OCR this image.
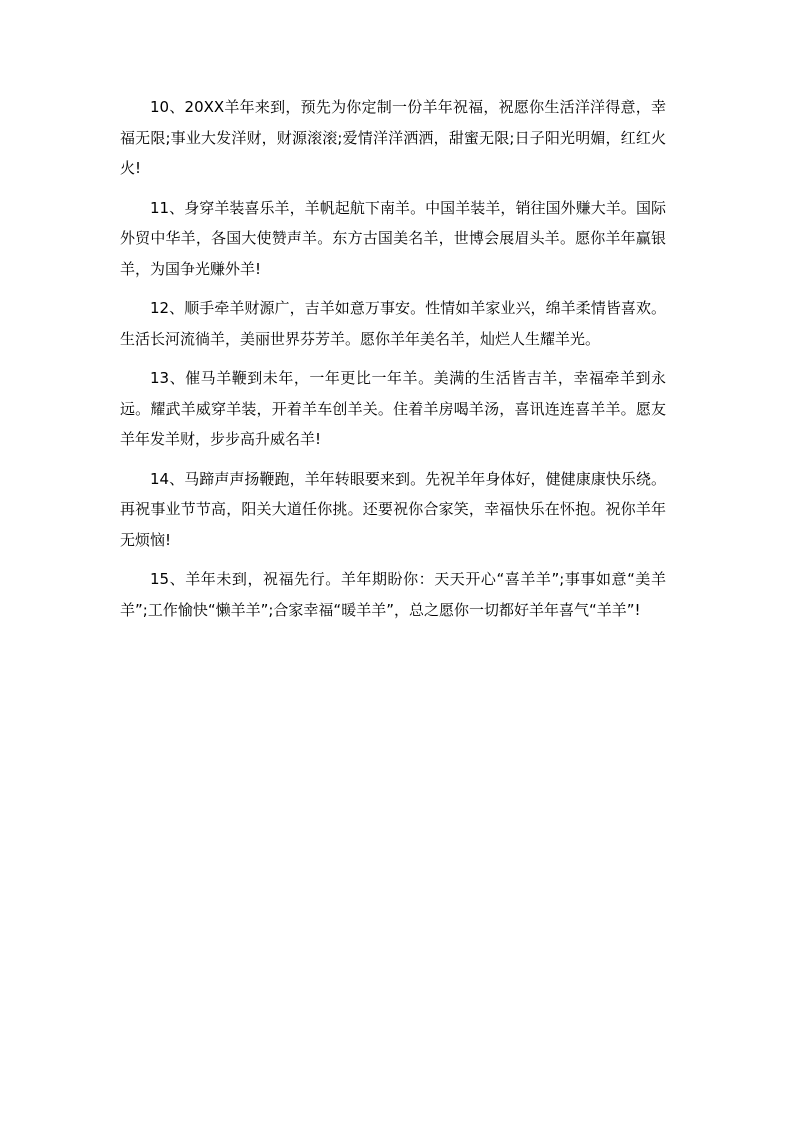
10、20XX羊年来到，预先为你定制一份羊年祝福，祝愿你生活洋洋得意，幸福无限;事业大发洋财，财源滚滚;爱情洋洋洒洒，甜蜜无限;日子阳光明媚，红红火火!

11、身穿羊装喜乐羊，羊帆起航下南羊。中国羊装羊，销往国外赚大羊。国际外贸中华羊，各国大使赞声羊。东方古国美名羊，世博会展眉头羊。愿你羊年赢银羊，为国争光赚外羊!

12、顺手牵羊财源广，吉羊如意万事安。性情如羊家业兴，绵羊柔情皆喜欢。生活长河流徜羊，美丽世界芬芳羊。愿你羊年美名羊，灿烂人生耀羊光。

13、催马羊鞭到未年，一年更比一年羊。美满的生活皆吉羊，幸福牵羊到永远。耀武羊威穿羊装，开着羊车创羊关。住着羊房喝羊汤，喜讯连连喜羊羊。愿友羊年发羊财，步步高升威名羊!

14、马蹄声声扬鞭跑，羊年转眼要来到。先祝羊年身体好，健健康康快乐绕。再祝事业节节高，阳关大道任你挑。还要祝你合家笑，幸福快乐在怀抱。祝你羊年无烦恼!

15、羊年未到，祝福先行。羊年期盼你：天天开心“喜羊羊”;事事如意“美羊羊”;工作愉快“懒羊羊”;合家幸福“暖羊羊”，总之愿你一切都好羊年喜气“羊羊”!
